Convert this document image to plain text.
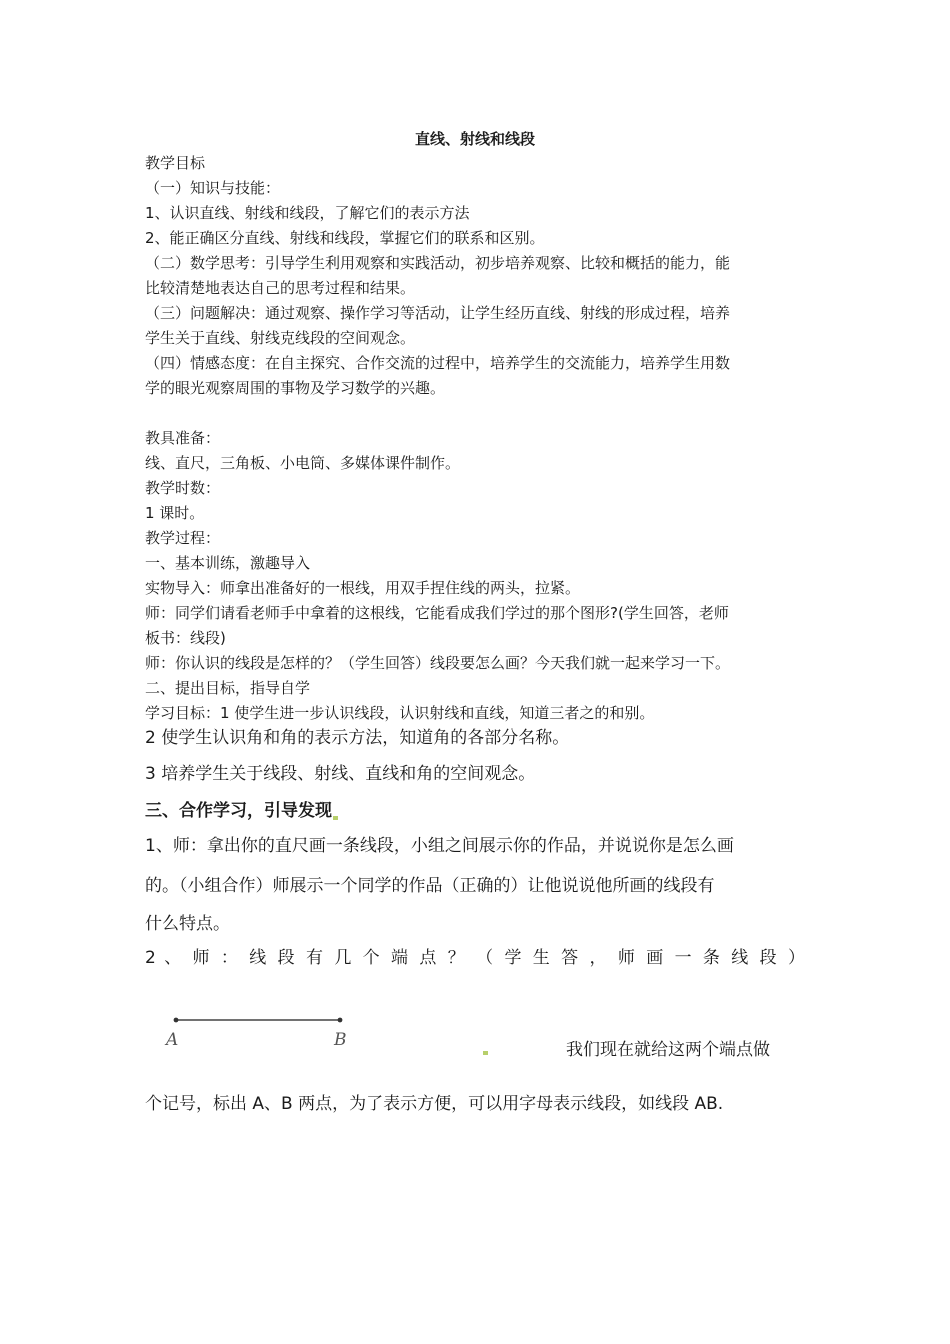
直线、射线和线段
教学目标
（一）知识与技能：
1、认识直线、射线和线段，了解它们的表示方法
2、能正确区分直线、射线和线段，掌握它们的联系和区别。
（二）数学思考：引导学生利用观察和实践活动，初步培养观察、比较和概括的能力，能
比较清楚地表达自己的思考过程和结果。
（三）问题解决：通过观察、操作学习等活动，让学生经历直线、射线的形成过程，培养
学生关于直线、射线克线段的空间观念。
（四）情感态度：在自主探究、合作交流的过程中，培养学生的交流能力，培养学生用数
学的眼光观察周围的事物及学习数学的兴趣。
教具准备：
线、直尺，三角板、小电筒、多媒体课件制作。
教学时数：
1 课时。
教学过程：
一、基本训练，激趣导入
实物导入：师拿出准备好的一根线，用双手捏住线的两头，拉紧。
师：同学们请看老师手中拿着的这根线，它能看成我们学过的那个图形?(学生回答，老师
板书：线段)
师：你认识的线段是怎样的？（学生回答）线段要怎么画？今天我们就一起来学习一下。
二、提出目标，指导自学
学习目标：1 使学生进一步认识线段，认识射线和直线，知道三者之的和别。
2 使学生认识角和角的表示方法，知道角的各部分名称。
3 培养学生关于线段、射线、直线和角的空间观念。
三、合作学习，引导发现
1、师：拿出你的直尺画一条线段，小组之间展示你的作品，并说说你是怎么画
的。（小组合作）师展示一个同学的作品（正确的）让他说说他所画的线段有
什么特点。
2 、 师 ： 线 段 有 几 个 端 点 ？ （ 学 生 答 ， 师 画 一 条 线 段 ）
A	B	我们现在就给这两个端点做
个记号，标出 A、B 两点，为了表示方便，可以用字母表示线段，如线段 AB.
